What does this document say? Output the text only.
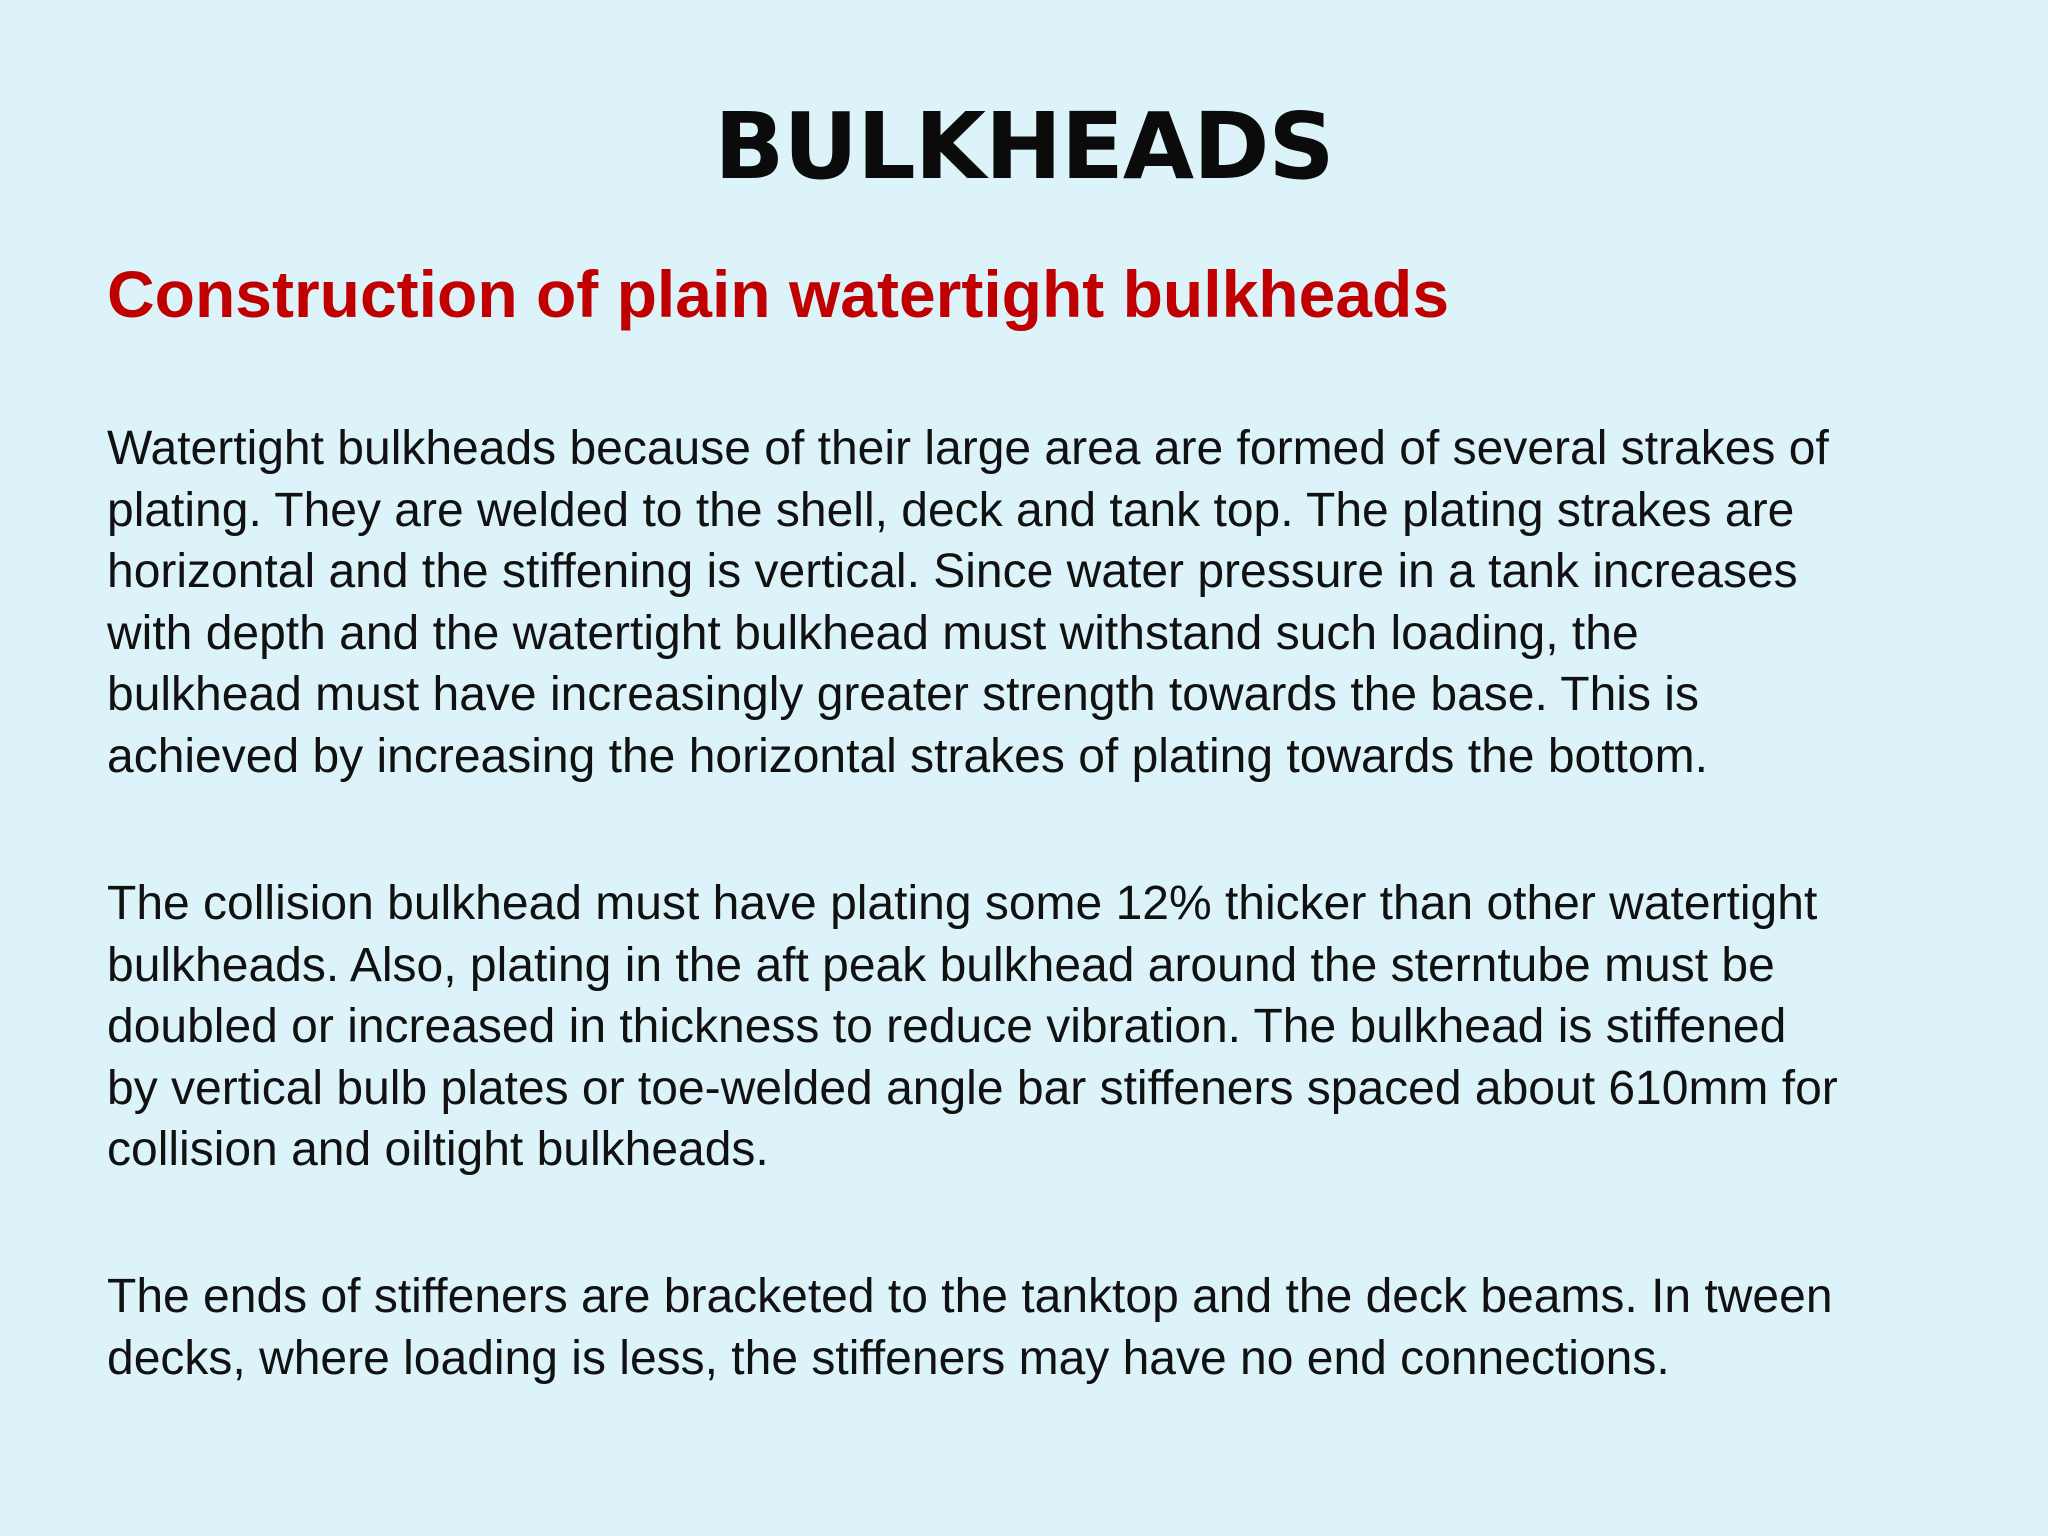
BULKHEADS
Construction of plain watertight bulkheads

Watertight bulkheads because of their large area are formed of several strakes of
plating. They are welded to the shell, deck and tank top. The plating strakes are
horizontal and the stiffening is vertical. Since water pressure in a tank increases
with depth and the watertight bulkhead must withstand such loading, the
bulkhead must have increasingly greater strength towards the base. This is
achieved by increasing the horizontal strakes of plating towards the bottom.

The collision bulkhead must have plating some 12% thicker than other watertight
bulkheads. Also, plating in the aft peak bulkhead around the sterntube must be
doubled or increased in thickness to reduce vibration. The bulkhead is stiffened
by vertical bulb plates or toe-welded angle bar stiffeners spaced about 610mm for
collision and oiltight bulkheads.

The ends of stiffeners are bracketed to the tanktop and the deck beams. In tween
decks, where loading is less, the stiffeners may have no end connections.
